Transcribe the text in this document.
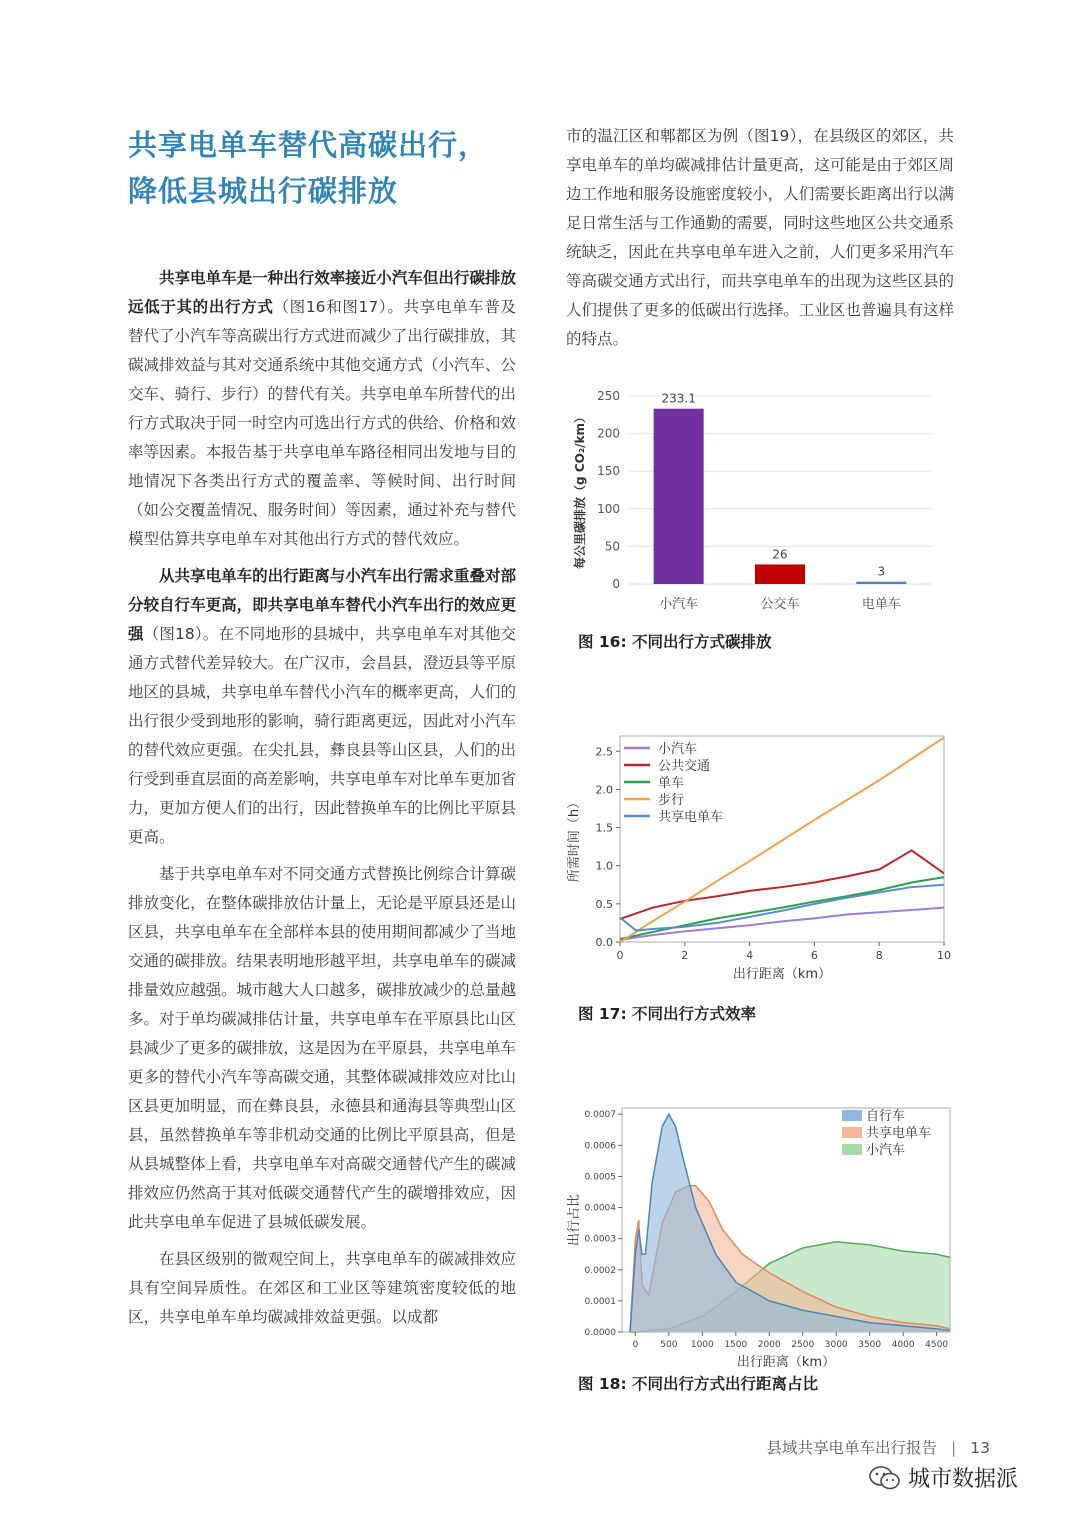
共享电单车替代高碳出行，
降低县城出行碳排放

共享电单车是一种出行效率接近小汽车但出行碳排放远低于其的出行方式（图16和图17）。共享电单车普及替代了小汽车等高碳出行方式进而减少了出行碳排放，其碳减排效益与其对交通系统中其他交通方式（小汽车、公交车、骑行、步行）的替代有关。共享电单车所替代的出行方式取决于同一时空内可选出行方式的供给、价格和效率等因素。本报告基于共享电单车路径相同出发地与目的地情况下各类出行方式的覆盖率、等候时间、出行时间（如公交覆盖情况、服务时间）等因素，通过补充与替代模型估算共享电单车对其他出行方式的替代效应。

从共享电单车的出行距离与小汽车出行需求重叠对部分较自行车更高，即共享电单车替代小汽车出行的效应更强（图18）。在不同地形的县城中，共享电单车对其他交通方式替代差异较大。在广汉市，会昌县，澄迈县等平原地区的县城，共享电单车替代小汽车的概率更高，人们的出行很少受到地形的影响，骑行距离更远，因此对小汽车的替代效应更强。在尖扎县，彝良县等山区县，人们的出行受到垂直层面的高差影响，共享电单车对比单车更加省力，更加方便人们的出行，因此替换单车的比例比平原县更高。

基于共享电单车对不同交通方式替换比例综合计算碳排放变化，在整体碳排放估计量上，无论是平原县还是山区县，共享电单车在全部样本县的使用期间都减少了当地交通的碳排放。结果表明地形越平坦，共享电单车的碳减排量效应越强。城市越大人口越多，碳排放减少的总量越多。对于单均碳减排估计量，共享电单车在平原县比山区县减少了更多的碳排放，这是因为在平原县，共享电单车更多的替代小汽车等高碳交通，其整体碳减排效应对比山区县更加明显，而在彝良县，永德县和通海县等典型山区县，虽然替换单车等非机动交通的比例比平原县高，但是从县城整体上看，共享电单车对高碳交通替代产生的碳减排效应仍然高于其对低碳交通替代产生的碳增排效应，因此共享电单车促进了县城低碳发展。

在县区级别的微观空间上，共享电单车的碳减排效应具有空间异质性。在郊区和工业区等建筑密度较低的地区，共享电单车单均碳减排效益更强。以成都

市的温江区和郫都区为例（图19），在县级区的郊区，共享电单车的单均碳减排估计量更高，这可能是由于郊区周边工作地和服务设施密度较小，人们需要长距离出行以满足日常生活与工作通勤的需要，同时这些地区公共交通系统缺乏，因此在共享电单车进入之前，人们更多采用汽车等高碳交通方式出行，而共享电单车的出现为这些区县的人们提供了更多的低碳出行选择。工业区也普遍具有这样的特点。

0
50
100
150
200
250	233.1
小汽车
26
公交车
3
电单车
每公里碳排放（g CO₂/km）
图 16: 不同出行方式碳排放
0.0
0.5
1.0
1.5
2.0
2.5
0	2	4	6	8	10
小汽车
公共交通
单车
步行
共享电单车
出行距离（km）
所需时间（h）
图 17: 不同出行方式效率
0.0000
0.0001
0.0002
0.0003
0.0004
0.0005
0.0006
0.0007
0 500 1000 1500 2000 2500 3000 3500 4000 4500
自行车
共享电单车
小汽车
出行距离（km）
出行占比
图 18: 不同出行方式出行距离占比
县域共享电单车出行报告 | 13
城市数据派
